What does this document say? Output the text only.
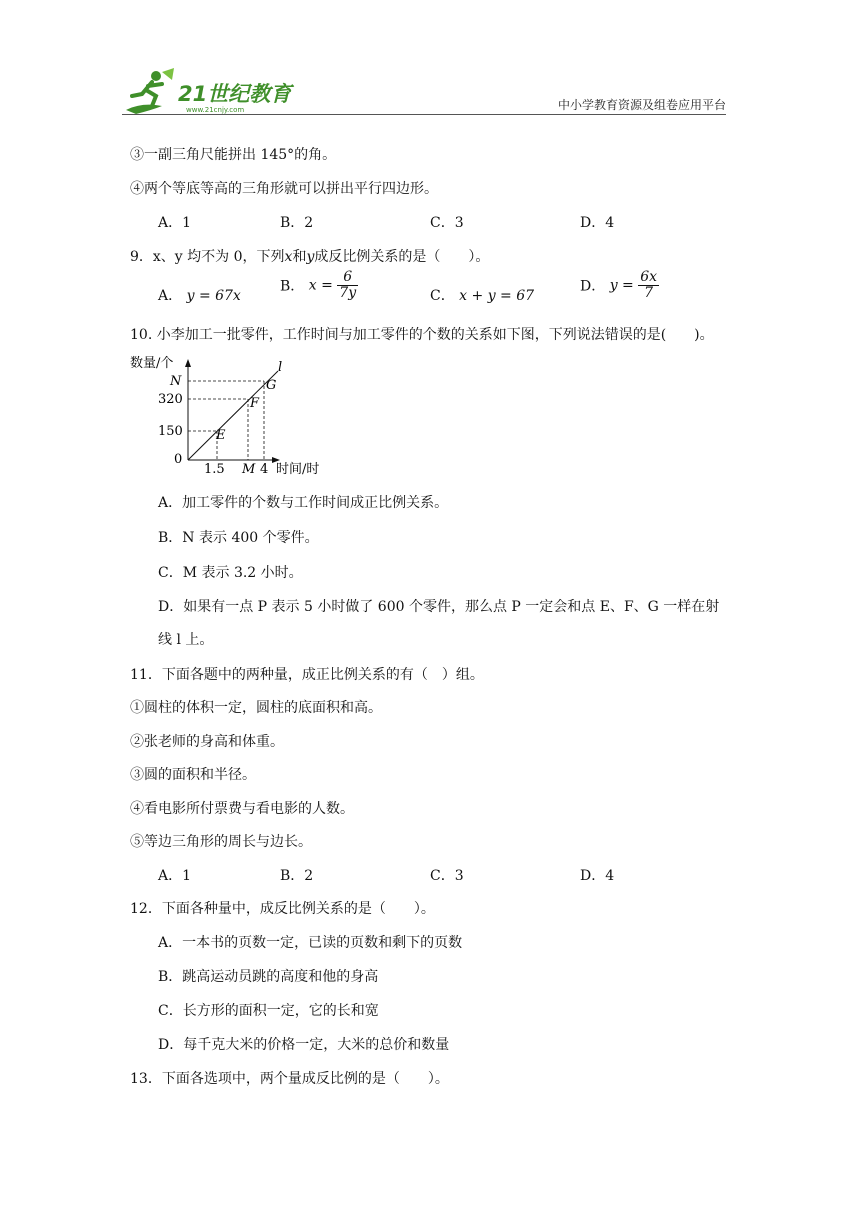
21世纪教育
www.21cnjy.com	中小学教育资源及组卷应用平台
③一副三角尺能拼出 145°的角。
④两个等底等高的三角形就可以拼出平行四边形。
A．1	B．2	C．3	D．4
9．x、y 均不为 0，下列x和y成反比例关系的是（　　）。
A． y = 67x
B． $x = \frac{6}{7y}$	C． x + y = 67
D． $y = \frac{6x}{7}$
10. 小李加工一批零件，工作时间与加工零件的个数的关系如下图，下列说法错误的是(　　)。
数量/个
N
320
150
0
1.5 M 4 时间/时
E
F
G
l
A．加工零件的个数与工作时间成正比例关系。
B．N 表示 400 个零件。
C．M 表示 3.2 小时。
D．如果有一点 P 表示 5 小时做了 600 个零件，那么点 P 一定会和点 E、F、G 一样在射
线 l 上。
11．下面各题中的两种量，成正比例关系的有（　）组。
①圆柱的体积一定，圆柱的底面积和高。
②张老师的身高和体重。
③圆的面积和半径。
④看电影所付票费与看电影的人数。
⑤等边三角形的周长与边长。
A．1	B．2	C．3	D．4
12．下面各种量中，成反比例关系的是（　　）。
A．一本书的页数一定，已读的页数和剩下的页数
B．跳高运动员跳的高度和他的身高
C．长方形的面积一定，它的长和宽
D．每千克大米的价格一定，大米的总价和数量
13．下面各选项中，两个量成反比例的是（　　）。
